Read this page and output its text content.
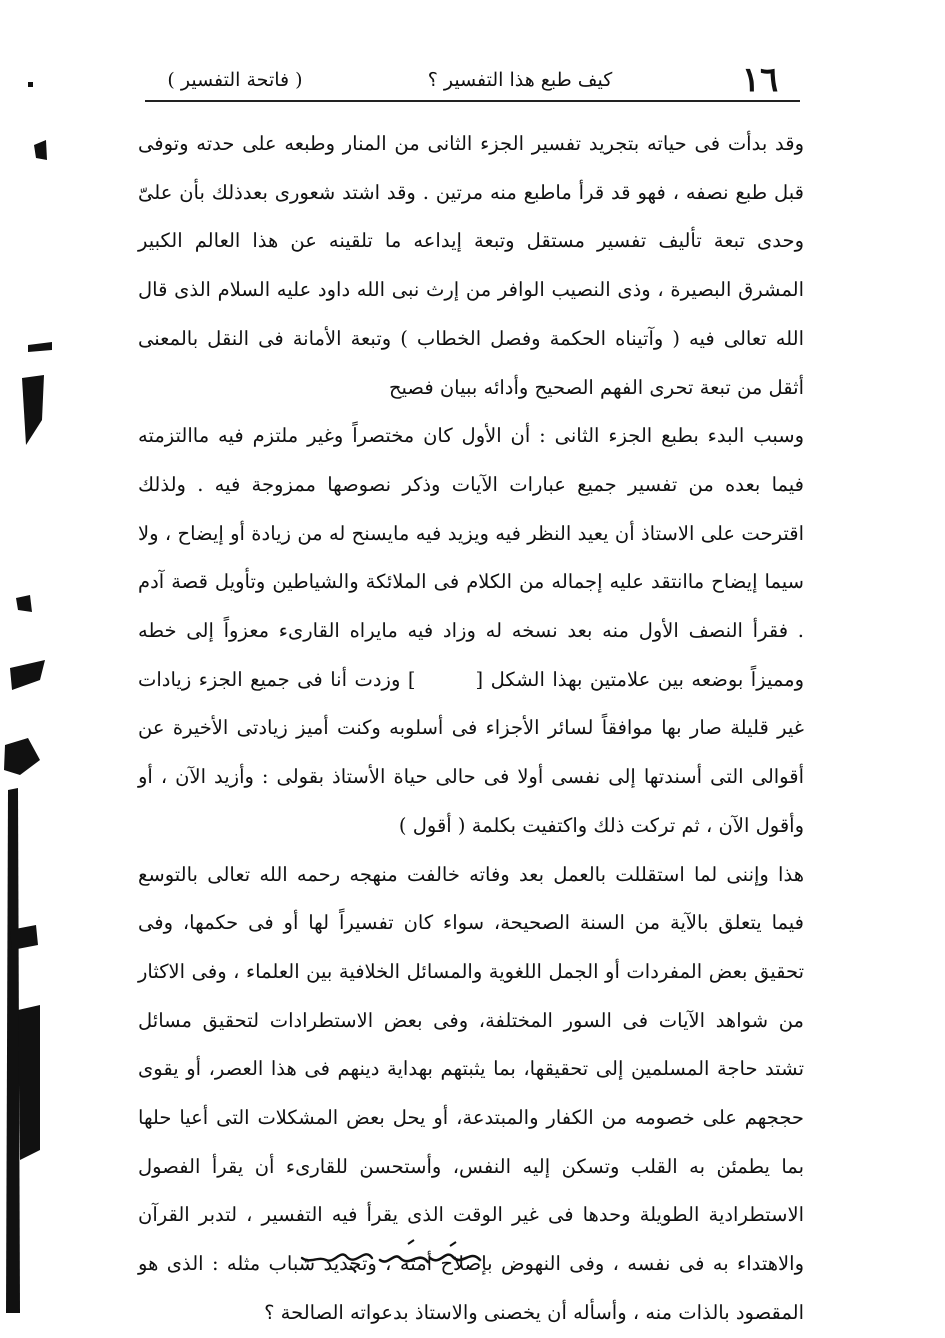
١٦
كيف طبع هذا التفسير ؟
( فاتحة التفسير )

وقد بدأت فى حياته بتجريد تفسير الجزء الثانى من المنار وطبعه على حدته وتوفى قبل طبع نصفه ، فهو قد قرأ ماطبع منه مرتين . وقد اشتد شعورى بعدذلك بأن علىّ وحدى تبعة تأليف تفسير مستقل وتبعة إيداعه ما تلقينه عن هذا العالم الكبير المشرق البصيرة ، وذى النصيب الوافر من إرث نبى الله داود عليه السلام الذى قال الله تعالى فيه ( وآتيناه الحكمة وفصل الخطاب ) وتبعة الأمانة فى النقل بالمعنى أثقل من تبعة تحرى الفهم الصحيح وأدائه ببيان فصيح

وسبب البدء بطبع الجزء الثانى : أن الأول كان مختصراً وغير ملتزم فيه ماالتزمته فيما بعده من تفسير جميع عبارات الآيات وذكر نصوصها ممزوجة فيه . ولذلك اقترحت على الاستاذ أن يعيد النظر فيه ويزيد فيه مايسنح له من زيادة أو إيضاح ، ولا سيما إيضاح ماانتقد عليه إجماله من الكلام فى الملائكة والشياطين وتأويل قصة آدم . فقرأ النصف الأول منه بعد نسخه له وزاد فيه مايراه القارىء معزواً إلى خطه ومميزاً بوضعه بين علامتين بهذا الشكل [] وزدت أنا فى جميع الجزء زيادات غير قليلة صار بها موافقاً لسائر الأجزاء فى أسلوبه وكنت أميز زيادتى الأخيرة عن أقوالى التى أسندتها إلى نفسى أولا فى حالى حياة الأستاذ بقولى : وأزيد الآن ، أو وأقول الآن ، ثم تركت ذلك واكتفيت بكلمة ( أقول )

هذا وإننى لما استقللت بالعمل بعد وفاته خالفت منهجه رحمه الله تعالى بالتوسع فيما يتعلق بالآية من السنة الصحيحة، سواء كان تفسيراً لها أو فى حكمها، وفى تحقيق بعض المفردات أو الجمل اللغوية والمسائل الخلافية بين العلماء ، وفى الاكثار من شواهد الآيات فى السور المختلفة، وفى بعض الاستطرادات لتحقيق مسائل تشتد حاجة المسلمين إلى تحقيقها، بما يثبتهم بهداية دينهم فى هذا العصر، أو يقوى حججهم على خصومه من الكفار والمبتدعة، أو يحل بعض المشكلات التى أعيا حلها بما يطمئن به القلب وتسكن إليه النفس، وأستحسن للقارىء أن يقرأ الفصول الاستطرادية الطويلة وحدها فى غير الوقت الذى يقرأ فيه التفسير ، لتدبر القرآن والاهتداء به فى نفسه ، وفى النهوض بإصلاح أمته ، وتجديد شباب مثله : الذى هو المقصود بالذات منه ، وأسأله أن يخصنى والاستاذ بدعواته الصالحة ؟
